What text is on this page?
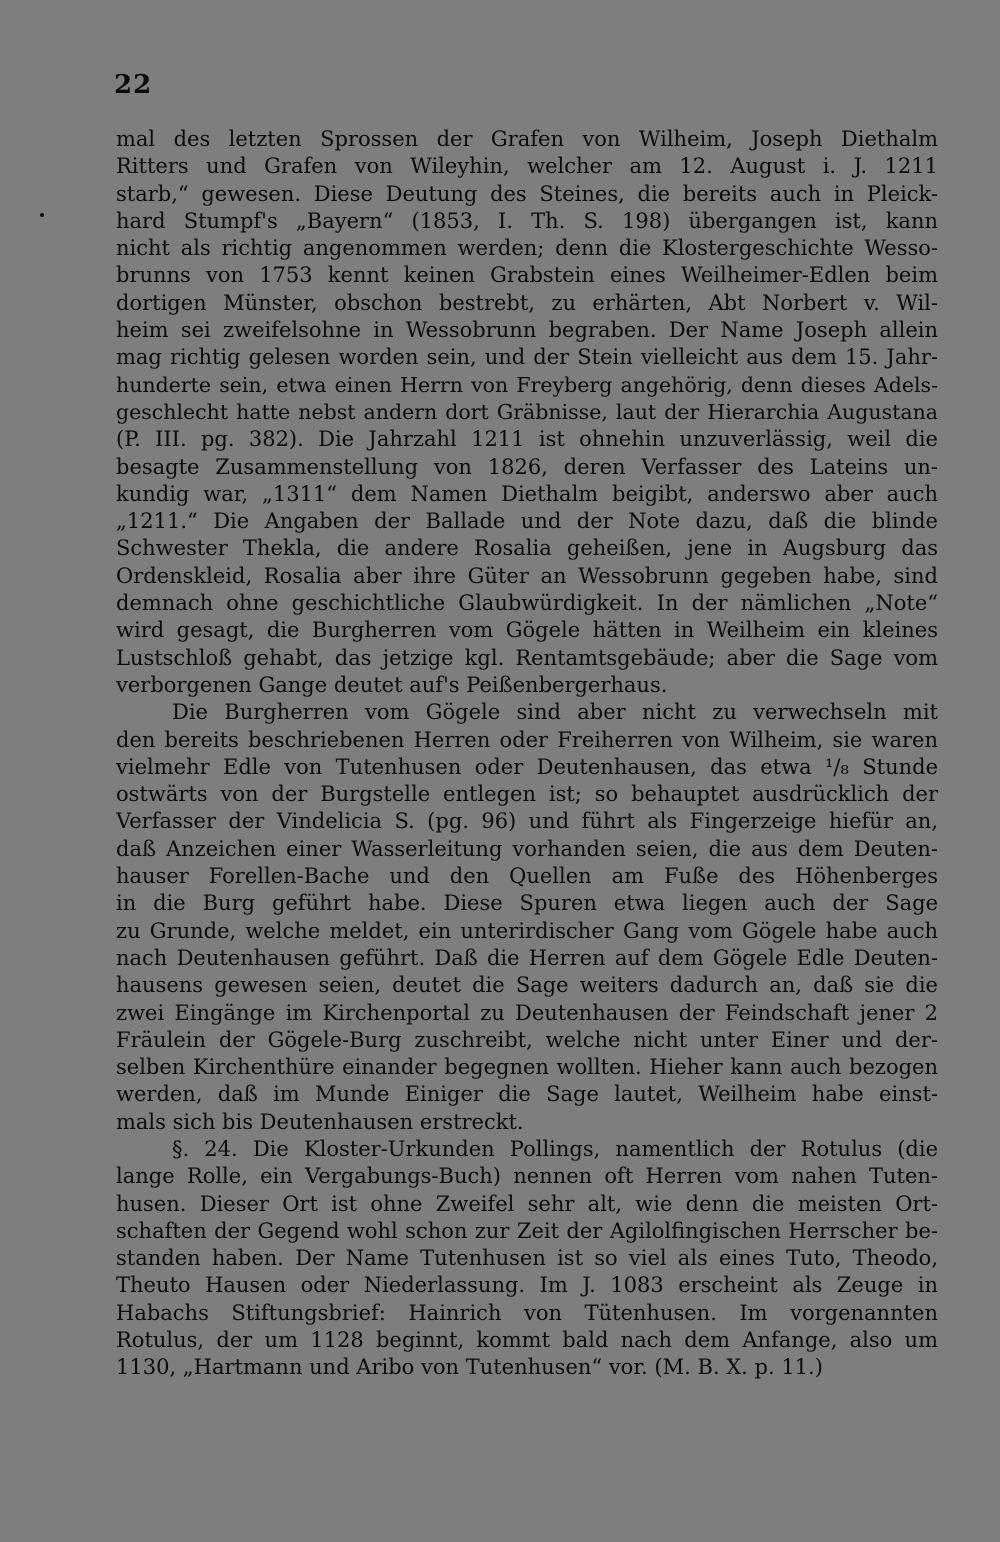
22
mal des letzten Sprossen der Grafen von Wilheim, Joseph Diethalm
Ritters und Grafen von Wileyhin, welcher am 12. August i. J. 1211
starb,“ gewesen. Diese Deutung des Steines, die bereits auch in Pleick-
hard Stumpf's „Bayern“ (1853, I. Th. S. 198) übergangen ist, kann
nicht als richtig angenommen werden; denn die Klostergeschichte Wesso-
brunns von 1753 kennt keinen Grabstein eines Weilheimer-Edlen beim
dortigen Münster, obschon bestrebt, zu erhärten, Abt Norbert v. Wil-
heim sei zweifelsohne in Wessobrunn begraben. Der Name Joseph allein
mag richtig gelesen worden sein, und der Stein vielleicht aus dem 15. Jahr-
hunderte sein, etwa einen Herrn von Freyberg angehörig, denn dieses Adels-
geschlecht hatte nebst andern dort Gräbnisse, laut der Hierarchia Augustana
(P. III. pg. 382). Die Jahrzahl 1211 ist ohnehin unzuverlässig, weil die
besagte Zusammenstellung von 1826, deren Verfasser des Lateins un-
kundig war, „1311“ dem Namen Diethalm beigibt, anderswo aber auch
„1211.“ Die Angaben der Ballade und der Note dazu, daß die blinde
Schwester Thekla, die andere Rosalia geheißen, jene in Augsburg das
Ordenskleid, Rosalia aber ihre Güter an Wessobrunn gegeben habe, sind
demnach ohne geschichtliche Glaubwürdigkeit. In der nämlichen „Note“
wird gesagt, die Burgherren vom Gögele hätten in Weilheim ein kleines
Lustschloß gehabt, das jetzige kgl. Rentamtsgebäude; aber die Sage vom
verborgenen Gange deutet auf's Peißenbergerhaus.
Die Burgherren vom Gögele sind aber nicht zu verwechseln mit
den bereits beschriebenen Herren oder Freiherren von Wilheim, sie waren
vielmehr Edle von Tutenhusen oder Deutenhausen, das etwa ¹/₈ Stunde
ostwärts von der Burgstelle entlegen ist; so behauptet ausdrücklich der
Verfasser der Vindelicia S. (pg. 96) und führt als Fingerzeige hiefür an,
daß Anzeichen einer Wasserleitung vorhanden seien, die aus dem Deuten-
hauser Forellen-Bache und den Quellen am Fuße des Höhenberges
in die Burg geführt habe. Diese Spuren etwa liegen auch der Sage
zu Grunde, welche meldet, ein unterirdischer Gang vom Gögele habe auch
nach Deutenhausen geführt. Daß die Herren auf dem Gögele Edle Deuten-
hausens gewesen seien, deutet die Sage weiters dadurch an, daß sie die
zwei Eingänge im Kirchenportal zu Deutenhausen der Feindschaft jener 2
Fräulein der Gögele-Burg zuschreibt, welche nicht unter Einer und der-
selben Kirchenthüre einander begegnen wollten. Hieher kann auch bezogen
werden, daß im Munde Einiger die Sage lautet, Weilheim habe einst-
mals sich bis Deutenhausen erstreckt.
§. 24. Die Kloster-Urkunden Pollings, namentlich der Rotulus (die
lange Rolle, ein Vergabungs-Buch) nennen oft Herren vom nahen Tuten-
husen. Dieser Ort ist ohne Zweifel sehr alt, wie denn die meisten Ort-
schaften der Gegend wohl schon zur Zeit der Agilolfingischen Herrscher be-
standen haben. Der Name Tutenhusen ist so viel als eines Tuto, Theodo,
Theuto Hausen oder Niederlassung. Im J. 1083 erscheint als Zeuge in
Habachs Stiftungsbrief: Hainrich von Tütenhusen. Im vorgenannten
Rotulus, der um 1128 beginnt, kommt bald nach dem Anfange, also um
1130, „Hartmann und Aribo von Tutenhusen“ vor. (M. B. X. p. 11.)
